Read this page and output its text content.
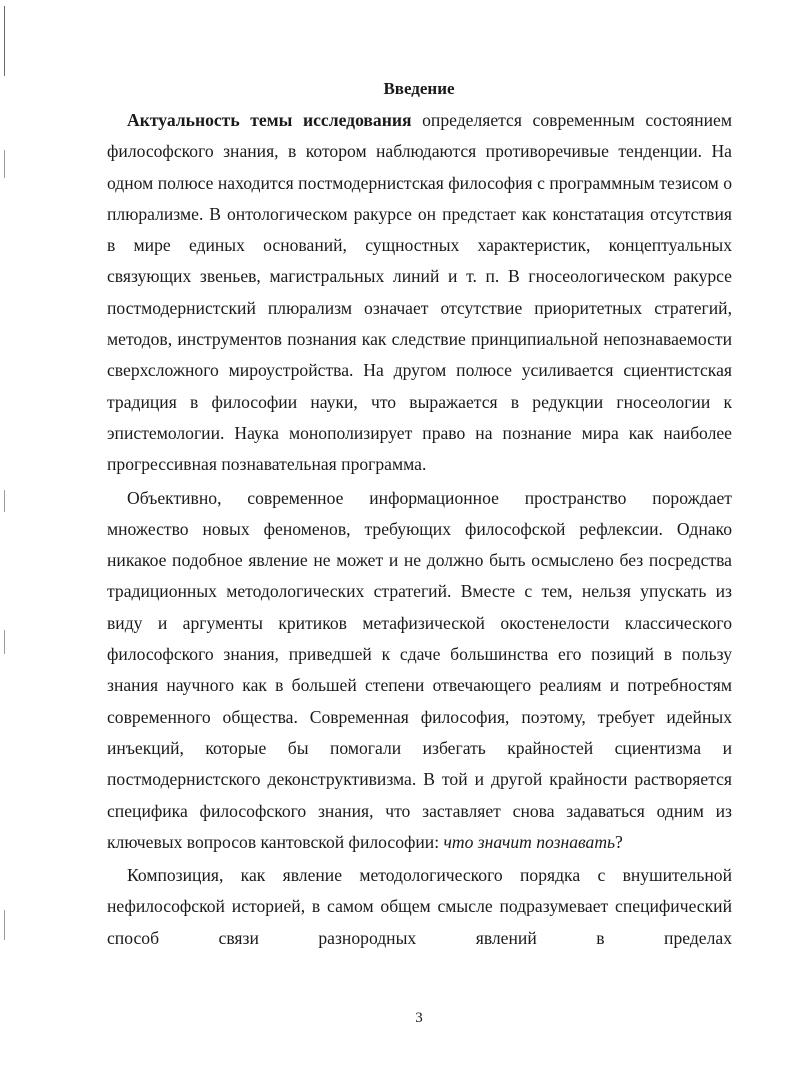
Введение

Актуальность темы исследования определяется современным состоянием философского знания, в котором наблюдаются противоречивые тенденции. На одном полюсе находится постмодернистская философия с программным тезисом о плюрализме. В онтологическом ракурсе он предстает как констатация отсутствия в мире единых оснований, сущностных характеристик, концептуальных связующих звеньев, магистральных линий и т. п. В гносеологическом ракурсе постмодернистский плюрализм означает отсутствие приоритетных стратегий, методов, инструментов познания как следствие принципиальной непознаваемости сверхсложного мироустройства. На другом полюсе усиливается сциентистская традиция в философии науки, что выражается в редукции гносеологии к эпистемологии. Наука монополизирует право на познание мира как наиболее прогрессивная познавательная программа.

Объективно, современное информационное пространство порождает множество новых феноменов, требующих философской рефлексии. Однако никакое подобное явление не может и не должно быть осмыслено без посредства традиционных методологических стратегий. Вместе с тем, нельзя упускать из виду и аргументы критиков метафизической окостенелости классического философского знания, приведшей к сдаче большинства его позиций в пользу знания научного как в большей степени отвечающего реалиям и потребностям современного общества. Современная философия, поэтому, требует идейных инъекций, которые бы помогали избегать крайностей сциентизма и постмодернистского деконструктивизма. В той и другой крайности растворяется специфика философского знания, что заставляет снова задаваться одним из ключевых вопросов кантовской философии: что значит познавать?

Композиция, как явление методологического порядка с внушительной нефилософской историей, в самом общем смысле подразумевает специфический способ связи разнородных явлений в пределах

3
